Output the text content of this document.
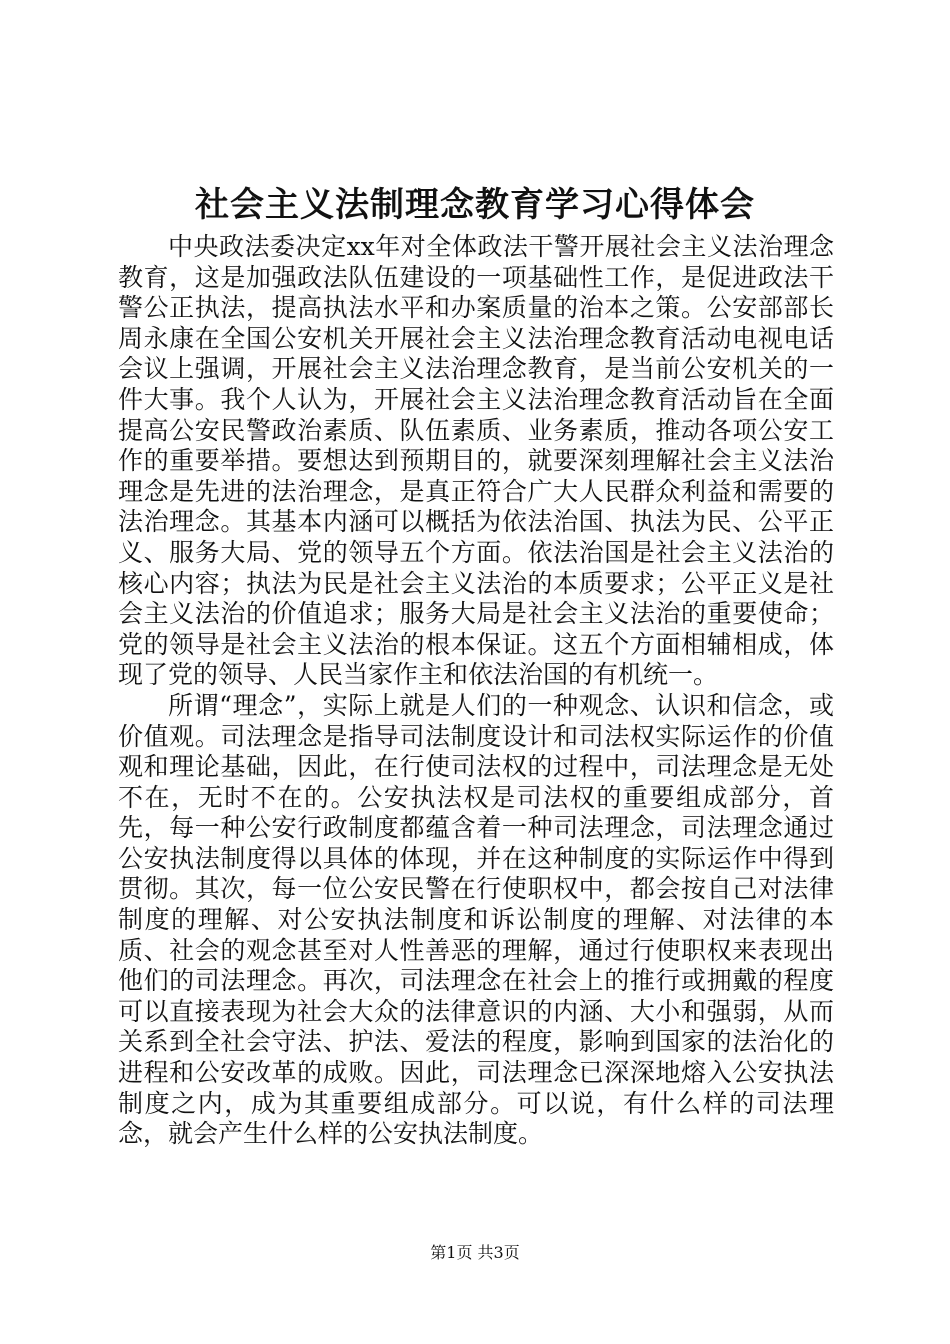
社会主义法制理念教育学习心得体会

中央政法委决定xx年对全体政法干警开展社会主义法治理念教育，这是加强政法队伍建设的一项基础性工作，是促进政法干警公正执法，提高执法水平和办案质量的治本之策。公安部部长周永康在全国公安机关开展社会主义法治理念教育活动电视电话会议上强调，开展社会主义法治理念教育，是当前公安机关的一件大事。我个人认为，开展社会主义法治理念教育活动旨在全面提高公安民警政治素质、队伍素质、业务素质，推动各项公安工作的重要举措。要想达到预期目的，就要深刻理解社会主义法治理念是先进的法治理念，是真正符合广大人民群众利益和需要的法治理念。其基本内涵可以概括为依法治国、执法为民、公平正义、服务大局、党的领导五个方面。依法治国是社会主义法治的核心内容；执法为民是社会主义法治的本质要求；公平正义是社会主义法治的价值追求；服务大局是社会主义法治的重要使命；党的领导是社会主义法治的根本保证。这五个方面相辅相成，体现了党的领导、人民当家作主和依法治国的有机统一。

所谓“理念”，实际上就是人们的一种观念、认识和信念，或价值观。司法理念是指导司法制度设计和司法权实际运作的价值观和理论基础，因此，在行使司法权的过程中，司法理念是无处不在，无时不在的。公安执法权是司法权的重要组成部分，首先，每一种公安行政制度都蕴含着一种司法理念，司法理念通过公安执法制度得以具体的体现，并在这种制度的实际运作中得到贯彻。其次，每一位公安民警在行使职权中，都会按自己对法律制度的理解、对公安执法制度和诉讼制度的理解、对法律的本质、社会的观念甚至对人性善恶的理解，通过行使职权来表现出他们的司法理念。再次，司法理念在社会上的推行或拥戴的程度可以直接表现为社会大众的法律意识的内涵、大小和强弱，从而关系到全社会守法、护法、爱法的程度，影响到国家的法治化的进程和公安改革的成败。因此，司法理念已深深地熔入公安执法制度之内，成为其重要组成部分。可以说，有什么样的司法理念，就会产生什么样的公安执法制度。

第1页 共3页
